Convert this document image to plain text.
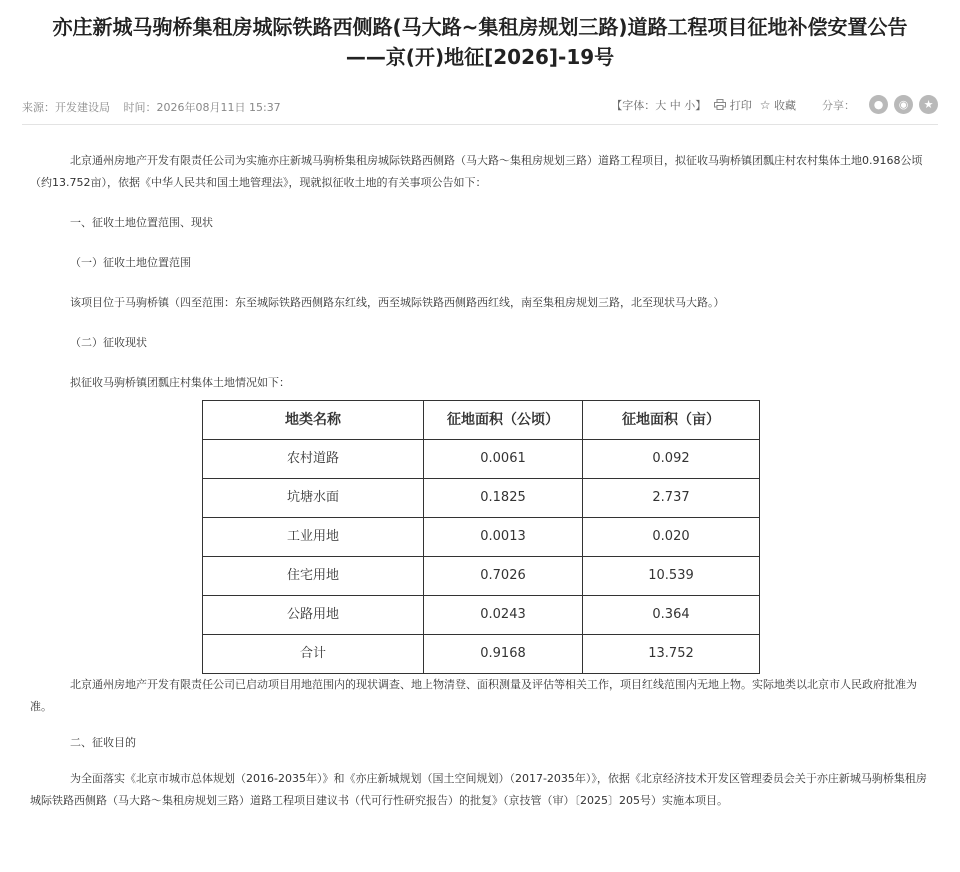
亦庄新城马驹桥集租房城际铁路西侧路(马大路~集租房规划三路)道路工程项目征地补偿安置公告
——京(开)地征[2026]-19号
来源：开发建设局 时间：2026年08月11日 15:37	【字体：大 中 小】	打印 ☆ 收藏 分享：	●	◉	★

北京通州房地产开发有限责任公司为实施亦庄新城马驹桥集租房城际铁路西侧路（马大路～集租房规划三路）道路工程项目，拟征收马驹桥镇团瓢庄村农村集体土地0.9168公顷（约13.752亩），依据《中华人民共和国土地管理法》，现就拟征收土地的有关事项公告如下：

一、征收土地位置范围、现状

（一）征收土地位置范围

该项目位于马驹桥镇（四至范围：东至城际铁路西侧路东红线，西至城际铁路西侧路西红线，南至集租房规划三路，北至现状马大路。）

（二）征收现状

拟征收马驹桥镇团瓢庄村集体土地情况如下：

地类名称	征地面积（公顷）	征地面积（亩）
农村道路	0.0061	0.092
坑塘水面	0.1825	2.737
工业用地	0.0013	0.020
住宅用地	0.7026	10.539
公路用地	0.0243	0.364
合计	0.9168	13.752

北京通州房地产开发有限责任公司已启动项目用地范围内的现状调查、地上物清登、面积测量及评估等相关工作，项目红线范围内无地上物。实际地类以北京市人民政府批准为准。

二、征收目的

为全面落实《北京市城市总体规划（2016-2035年）》和《亦庄新城规划（国土空间规划）（2017-2035年）》，依据《北京经济技术开发区管理委员会关于亦庄新城马驹桥集租房城际铁路西侧路（马大路～集租房规划三路）道路工程项目建议书（代可行性研究报告）的批复》（京技管（审）〔2025〕205号）实施本项目。
